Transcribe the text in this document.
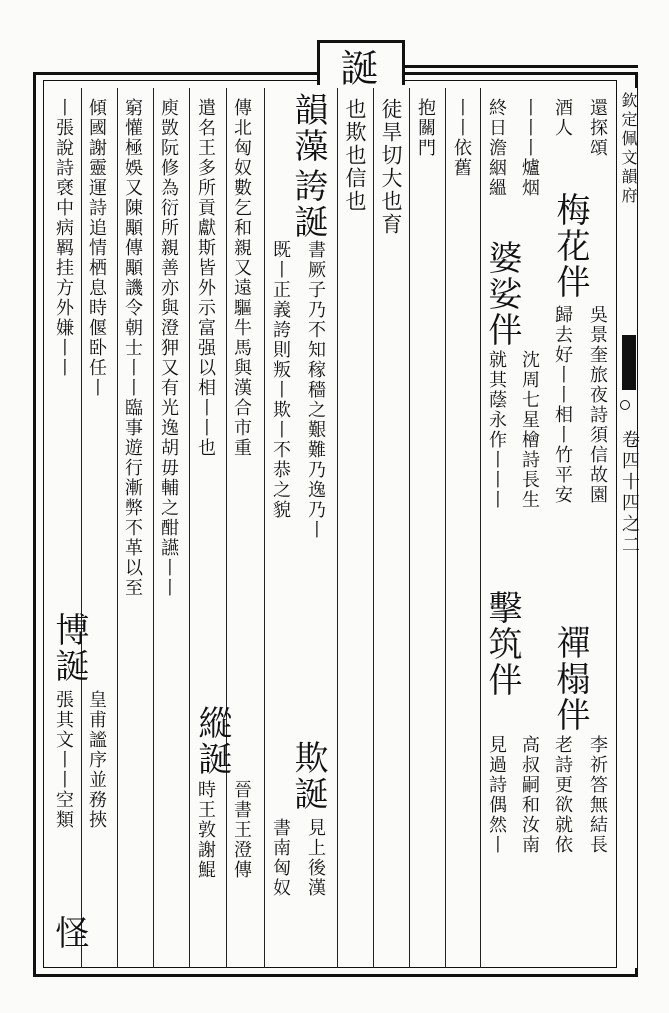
誕
欽定佩文韻府
卷四十四之二
還探頌
梅花伴
吳景奎旅夜詩須信故園
禪榻伴
李祈答無結長
酒人
歸去好丨丨相丨竹平安
老詩更欲就依
丨丨丨爐烟
婆娑伴
沈周七星檜詩長生
擊筑伴
高叔嗣和汝南
終日澹絪縕
就其蔭永作丨丨丨
見過詩偶然丨
丨丨依舊
抱關門
徒旱切大也育
也欺也信也
韻藻
誇誕
書厥子乃不知稼穡之艱難乃逸乃丨
欺誕
見上後漢
既丨正義誇則叛丨欺丨不恭之貌
書南匈奴
傳北匈奴數乞和親又遠驅牛馬與漢合市重
縱誕
晉書王澄傳
遣名王多所貢獻斯皆外示富强以相丨丨也
時王敦謝鯤
庾敳阮修為衍所親善亦與澄狎又有光逸胡毋輔之酣讌丨丨
窮懽極娛又陳顒傳顒譏令朝士丨丨臨事遊行漸弊不革以至
傾國謝靈運詩追情栖息時偃卧任丨
博誕
皇甫謐序並務挾
丨張說詩褎中病羁挂方外嫌丨丨
張其文丨丨空類
怪
